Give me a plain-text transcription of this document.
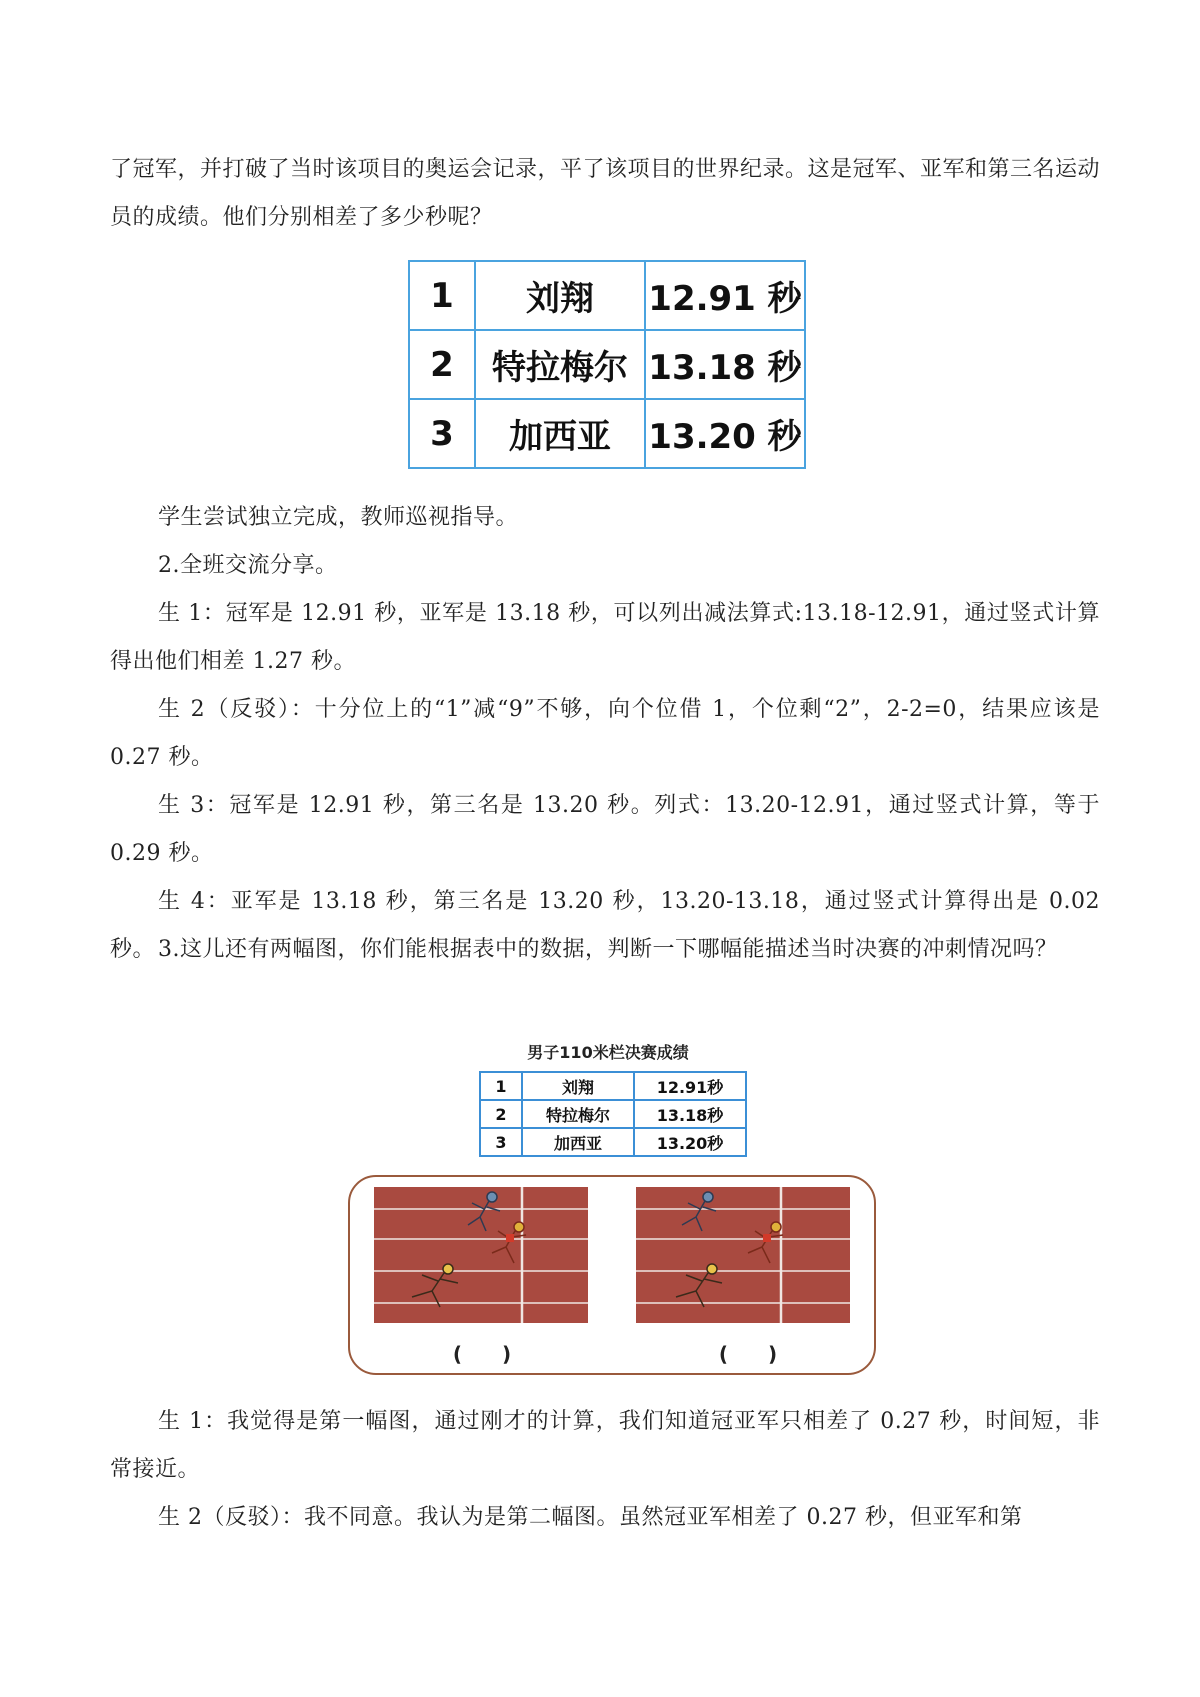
了冠军，并打破了当时该项目的奥运会记录，平了该项目的世界纪录。这是冠军、亚军和第三名运动员的成绩。他们分别相差了多少秒呢？

1	刘翔	12.91 秒
2	特拉梅尔	13.18 秒
3	加西亚	13.20 秒

学生尝试独立完成，教师巡视指导。

2.全班交流分享。

生 1：冠军是 12.91 秒，亚军是 13.18 秒，可以列出减法算式:13.18-12.91，通过竖式计算得出他们相差 1.27 秒。

生 2（反驳）：十分位上的“1”减“9”不够，向个位借 1，个位剩“2”，2-2=0，结果应该是 0.27 秒。

生 3：冠军是 12.91 秒，第三名是 13.20 秒。列式：13.20-12.91，通过竖式计算，等于 0.29 秒。

生 4：亚军是 13.18 秒，第三名是 13.20 秒，13.20-13.18，通过竖式计算得出是 0.02 秒。 3.这儿还有两幅图，你们能根据表中的数据，判断一下哪幅能描述当时决赛的冲刺情况吗？

男子110米栏决赛成绩
1	刘翔	12.91秒
2	特拉梅尔	13.18秒
3	加西亚	13.20秒
(　　)	(　　)

生 1：我觉得是第一幅图，通过刚才的计算，我们知道冠亚军只相差了 0.27 秒，时间短，非常接近。

生 2（反驳）：我不同意。我认为是第二幅图。虽然冠亚军相差了 0.27 秒，但亚军和第
